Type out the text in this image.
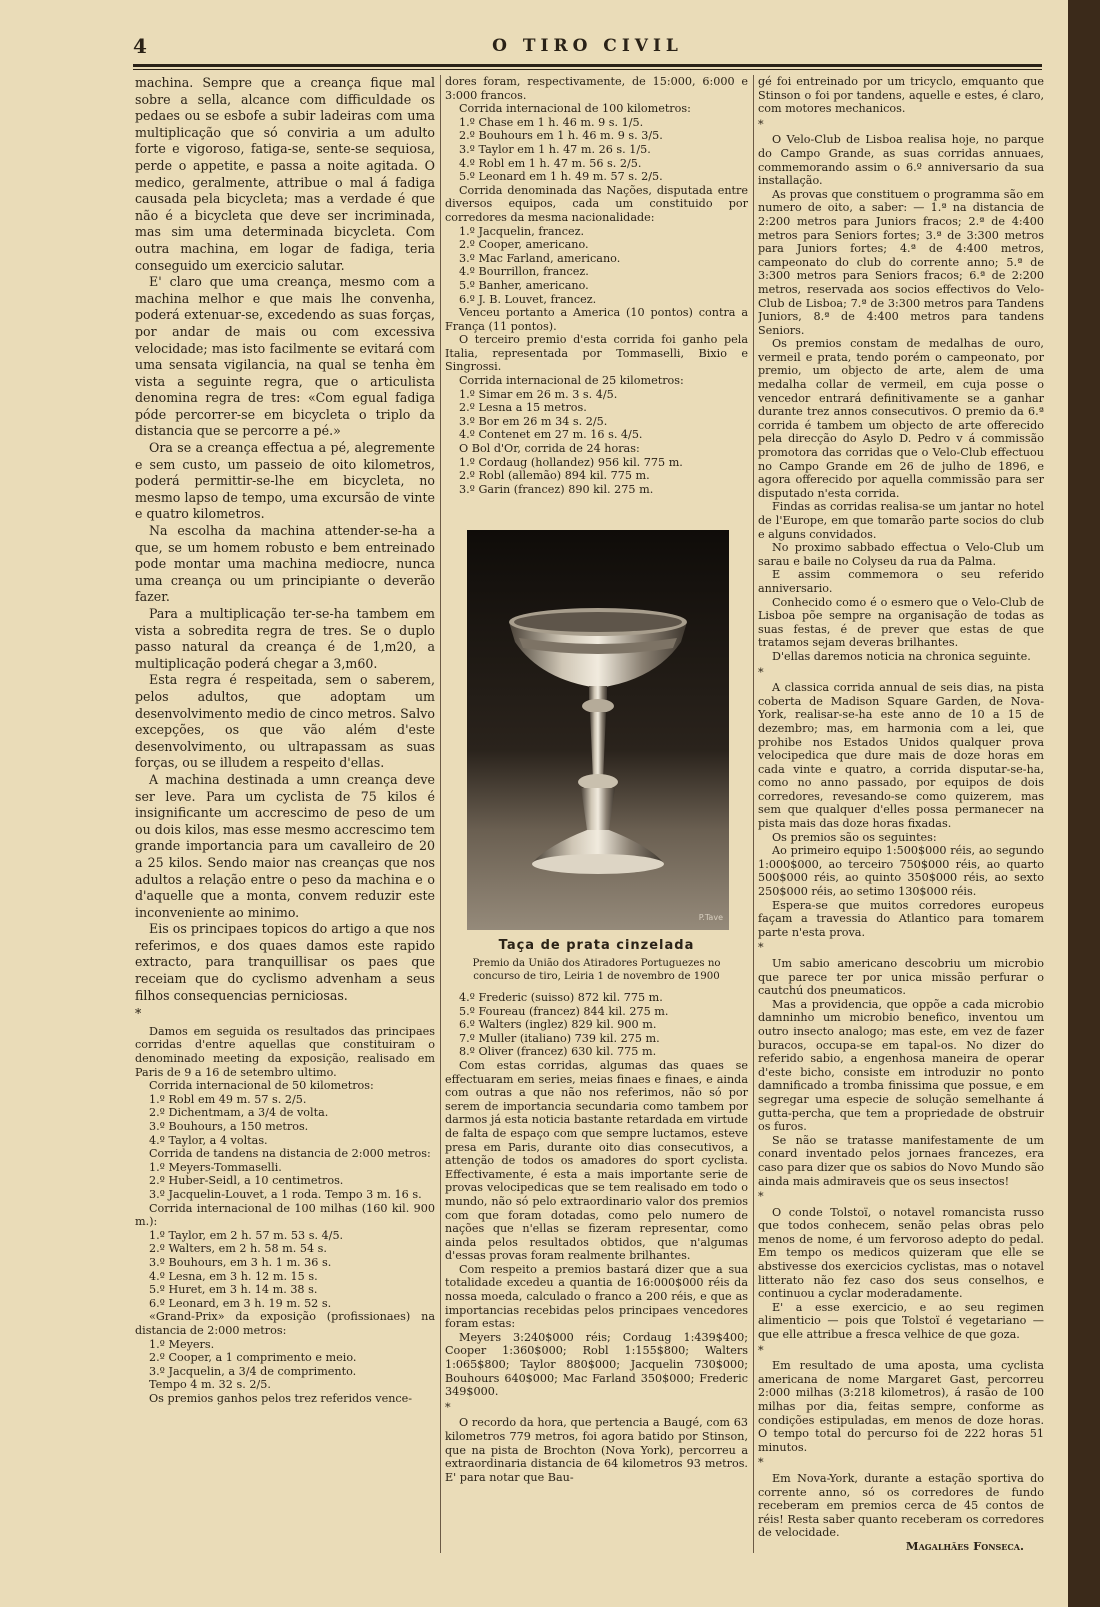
4	O TIRO CIVIL

machina. Sempre que a creança fique mal sobre a sella, alcance com difficuldade os pedaes ou se esbofe a subir ladeiras com uma multiplicação que só conviria a um adulto forte e vigoroso, fatiga-se, sente-se sequiosa, perde o appetite, e passa a noite agitada. O medico, geralmente, attribue o mal á fadiga causada pela bicycleta; mas a verdade é que não é a bicycleta que deve ser incriminada, mas sim uma determinada bicycleta. Com outra machina, em logar de fadiga, teria conseguido um exercicio salutar.

E' claro que uma creança, mesmo com a machina melhor e que mais lhe convenha, poderá extenuar-se, excedendo as suas forças, por andar de mais ou com excessiva velocidade; mas isto facilmente se evitará com uma sensata vigilancia, na qual se tenha èm vista a seguinte regra, que o articulista denomina regra de tres: «Com egual fadiga póde percorrer-se em bicycleta o triplo da distancia que se percorre a pé.»

Ora se a creança effectua a pé, alegremente e sem custo, um passeio de oito kilometros, poderá permittir-se-lhe em bicycleta, no mesmo lapso de tempo, uma excursão de vinte e quatro kilometros.

Na escolha da machina attender-se-ha a que, se um homem robusto e bem entreinado pode montar uma machina mediocre, nunca uma creança ou um principiante o deverão fazer.

Para a multiplicação ter-se-ha tambem em vista a sobredita regra de tres. Se o duplo passo natural da creança é de 1,m20, a multiplicação poderá chegar a 3,m60.

Esta regra é respeitada, sem o saberem, pelos adultos, que adoptam um desenvolvimento medio de cinco metros. Salvo excepções, os que vão além d'este desenvolvimento, ou ultrapassam as suas forças, ou se illudem a respeito d'ellas.

A machina destinada a umn creança deve ser leve. Para um cyclista de 75 kilos é insignificante um accrescimo de peso de um ou dois kilos, mas esse mesmo accrescimo tem grande importancia para um cavalleiro de 20 a 25 kilos. Sendo maior nas creanças que nos adultos a relação entre o peso da machina e o d'aquelle que a monta, convem reduzir este inconveniente ao minimo.

Eis os principaes topicos do artigo a que nos referimos, e dos quaes damos este rapido extracto, para tranquillisar os paes que receiam que do cyclismo advenham a seus filhos consequencias perniciosas.

*

Damos em seguida os resultados das principaes corridas d'entre aquellas que constituiram o denominado meeting da exposição, realisado em Paris de 9 a 16 de setembro ultimo.

Corrida internacional de 50 kilometros:

1.º Robl em 49 m. 57 s. 2/5.

2.º Dichentmam, a 3/4 de volta.

3.º Bouhours, a 150 metros.

4.º Taylor, a 4 voltas.

Corrida de tandens na distancia de 2:000 metros:

1.º Meyers-Tommaselli.

2.º Huber-Seidl, a 10 centimetros.

3.º Jacquelin-Louvet, a 1 roda. Tempo 3 m. 16 s.

Corrida internacional de 100 milhas (160 kil. 900 m.):

1.º Taylor, em 2 h. 57 m. 53 s. 4/5.

2.º Walters, em 2 h. 58 m. 54 s.

3.º Bouhours, em 3 h. 1 m. 36 s.

4.º Lesna, em 3 h. 12 m. 15 s.

5.º Huret, em 3 h. 14 m. 38 s.

6.º Leonard, em 3 h. 19 m. 52 s.

«Grand-Prix» da exposição (profissionaes) na distancia de 2:000 metros:

1.º Meyers.

2.º Cooper, a 1 comprimento e meio.

3.º Jacquelin, a 3/4 de comprimento.

Tempo 4 m. 32 s. 2/5.

Os premios ganhos pelos trez referidos vence-

dores foram, respectivamente, de 15:000, 6:000 e 3:000 francos.

Corrida internacional de 100 kilometros:

1.º Chase em 1 h. 46 m. 9 s. 1/5.

2.º Bouhours em 1 h. 46 m. 9 s. 3/5.

3.º Taylor em 1 h. 47 m. 26 s. 1/5.

4.º Robl em 1 h. 47 m. 56 s. 2/5.

5.º Leonard em 1 h. 49 m. 57 s. 2/5.

Corrida denominada das Nações, disputada entre diversos equipos, cada um constituido por corredores da mesma nacionalidade:

1.º Jacquelin, francez.

2.º Cooper, americano.

3.º Mac Farland, americano.

4.º Bourrillon, francez.

5.º Banher, americano.

6.º J. B. Louvet, francez.

Venceu portanto a America (10 pontos) contra a França (11 pontos).

O terceiro premio d'esta corrida foi ganho pela Italia, representada por Tommaselli, Bixio e Singrossi.

Corrida internacional de 25 kilometros:

1.º Simar em 26 m. 3 s. 4/5.

2.º Lesna a 15 metros.

3.º Bor em 26 m 34 s. 2/5.

4.º Contenet em 27 m. 16 s. 4/5.

O Bol d'Or, corrida de 24 horas:

1.º Cordaug (hollandez) 956 kil. 775 m.

2.º Robl (allemão) 894 kil. 775 m.

3.º Garin (francez) 890 kil. 275 m.

P.Tave

Taça de prata cinzelada

Premio da União dos Atiradores Portuguezes no concurso de tiro, Leiria 1 de novembro de 1900

4.º Frederic (suisso) 872 kil. 775 m.

5.º Foureau (francez) 844 kil. 275 m.

6.º Walters (inglez) 829 kil. 900 m.

7.º Muller (italiano) 739 kil. 275 m.

8.º Oliver (francez) 630 kil. 775 m.

Com estas corridas, algumas das quaes se effectuaram em series, meias finaes e finaes, e ainda com outras a que não nos referimos, não só por serem de importancia secundaria como tambem por darmos já esta noticia bastante retardada em virtude de falta de espaço com que sempre luctamos, esteve presa em Paris, durante oito dias consecutivos, a attenção de todos os amadores do sport cyclista. Effectivamente, é esta a mais importante serie de provas velocipedicas que se tem realisado em todo o mundo, não só pelo extraordinario valor dos premios com que foram dotadas, como pelo numero de nações que n'ellas se fizeram representar, como ainda pelos resultados obtidos, que n'algumas d'essas provas foram realmente brilhantes.

Com respeito a premios bastará dizer que a sua totalidade excedeu a quantia de 16:000$000 réis da nossa moeda, calculado o franco a 200 réis, e que as importancias recebidas pelos principaes vencedores foram estas:

Meyers 3:240$000 réis; Cordaug 1:439$400; Cooper 1:360$000; Robl 1:155$800; Walters 1:065$800; Taylor 880$000; Jacquelin 730$000; Bouhours 640$000; Mac Farland 350$000; Frederic 349$000.

*

O recordo da hora, que pertencia a Baugé, com 63 kilometros 779 metros, foi agora batido por Stinson, que na pista de Brochton (Nova York), percorreu a extraordinaria distancia de 64 kilometros 93 metros. E' para notar que Bau-

gé foi entreinado por um tricyclo, emquanto que Stinson o foi por tandens, aquelle e estes, é claro, com motores mechanicos.

*

O Velo-Club de Lisboa realisa hoje, no parque do Campo Grande, as suas corridas annuaes, commemorando assim o 6.º anniversario da sua installação.

As provas que constituem o programma são em numero de oito, a saber: — 1.ª na distancia de 2:200 metros para Juniors fracos; 2.ª de 4:400 metros para Seniors fortes; 3.ª de 3:300 metros para Juniors fortes; 4.ª de 4:400 metros, campeonato do club do corrente anno; 5.ª de 3:300 metros para Seniors fracos; 6.ª de 2:200 metros, reservada aos socios effectivos do Velo-Club de Lisboa; 7.ª de 3:300 metros para Tandens Juniors, 8.ª de 4:400 metros para tandens Seniors.

Os premios constam de medalhas de ouro, vermeil e prata, tendo porém o campeonato, por premio, um objecto de arte, alem de uma medalha collar de vermeil, em cuja posse o vencedor entrará definitivamente se a ganhar durante trez annos consecutivos. O premio da 6.ª corrida é tambem um objecto de arte offerecido pela direcção do Asylo D. Pedro v á commissão promotora das corridas que o Velo-Club effectuou no Campo Grande em 26 de julho de 1896, e agora offerecido por aquella commissão para ser disputado n'esta corrida.

Findas as corridas realisa-se um jantar no hotel de l'Europe, em que tomarão parte socios do club e alguns convidados.

No proximo sabbado effectua o Velo-Club um sarau e baile no Colyseu da rua da Palma.

E assim commemora o seu referido anniversario.

Conhecido como é o esmero que o Velo-Club de Lisboa põe sempre na organisação de todas as suas festas, é de prever que estas de que tratamos sejam deveras brilhantes.

D'ellas daremos noticia na chronica seguinte.

*

A classica corrida annual de seis dias, na pista coberta de Madison Square Garden, de Nova-York, realisar-se-ha este anno de 10 a 15 de dezembro; mas, em harmonia com a lei, que prohibe nos Estados Unidos qualquer prova velocipedica que dure mais de doze horas em cada vinte e quatro, a corrida disputar-se-ha, como no anno passado, por equipos de dois corredores, revesando-se como quizerem, mas sem que qualquer d'elles possa permanecer na pista mais das doze horas fixadas.

Os premios são os seguintes:

Ao primeiro equipo 1:500$000 réis, ao segundo 1:000$000, ao terceiro 750$000 réis, ao quarto 500$000 réis, ao quinto 350$000 réis, ao sexto 250$000 réis, ao setimo 130$000 réis.

Espera-se que muitos corredores europeus façam a travessia do Atlantico para tomarem parte n'esta prova.

*

Um sabio americano descobriu um microbio que parece ter por unica missão perfurar o cautchú dos pneumaticos.

Mas a providencia, que oppõe a cada microbio damninho um microbio benefico, inventou um outro insecto analogo; mas este, em vez de fazer buracos, occupa-se em tapal-os. No dizer do referido sabio, a engenhosa maneira de operar d'este bicho, consiste em introduzir no ponto damnificado a tromba finissima que possue, e em segregar uma especie de solução semelhante á gutta-percha, que tem a propriedade de obstruir os furos.

Se não se tratasse manifestamente de um conard inventado pelos jornaes francezes, era caso para dizer que os sabios do Novo Mundo são ainda mais admiraveis que os seus insectos!

*

O conde Tolstoï, o notavel romancista russo que todos conhecem, senão pelas obras pelo menos de nome, é um fervoroso adepto do pedal. Em tempo os medicos quizeram que elle se abstivesse dos exercicios cyclistas, mas o notavel litterato não fez caso dos seus conselhos, e continuou a cyclar moderadamente.

E' a esse exercicio, e ao seu regimen alimenticio — pois que Tolstoï é vegetariano — que elle attribue a fresca velhice de que goza.

*

Em resultado de uma aposta, uma cyclista americana de nome Margaret Gast, percorreu 2:000 milhas (3:218 kilometros), á rasão de 100 milhas por dia, feitas sempre, conforme as condições estipuladas, em menos de doze horas. O tempo total do percurso foi de 222 horas 51 minutos.

*

Em Nova-York, durante a estação sportiva do corrente anno, só os corredores de fundo receberam em premios cerca de 45 contos de réis! Resta saber quanto receberam os corredores de velocidade.

Magalhães Fonseca.
